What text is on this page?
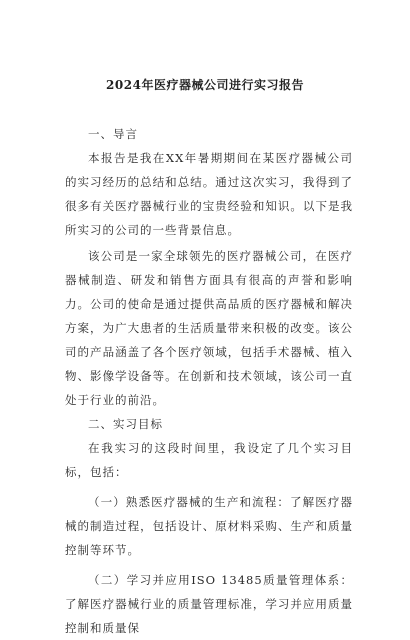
2024年医疗器械公司进行实习报告

一、导言

本报告是我在XX年暑期期间在某医疗器械公司的实习经历的总结和总结。通过这次实习，我得到了很多有关医疗器械行业的宝贵经验和知识。以下是我所实习的公司的一些背景信息。

该公司是一家全球领先的医疗器械公司，在医疗器械制造、研发和销售方面具有很高的声誉和影响力。公司的使命是通过提供高品质的医疗器械和解决方案，为广大患者的生活质量带来积极的改变。该公司的产品涵盖了各个医疗领域，包括手术器械、植入物、影像学设备等。在创新和技术领域，该公司一直处于行业的前沿。

二、实习目标

在我实习的这段时间里，我设定了几个实习目标，包括：

（一）熟悉医疗器械的生产和流程：了解医疗器械的制造过程，包括设计、原材料采购、生产和质量控制等环节。

（二）学习并应用ISO 13485质量管理体系：了解医疗器械行业的质量管理标准，学习并应用质量控制和质量保
